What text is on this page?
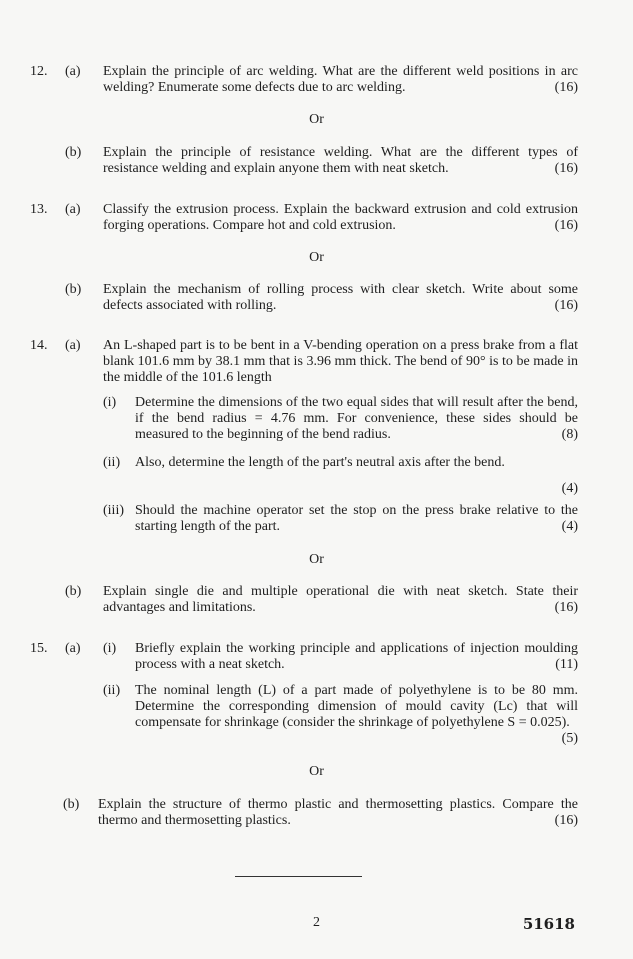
12. (a) Explain the principle of arc welding. What are the different weld positions in arc welding? Enumerate some defects due to arc welding.	(16)
Or
(b) Explain the principle of resistance welding. What are the different types of resistance welding and explain anyone them with neat sketch.	(16)
13. (a) Classify the extrusion process. Explain the backward extrusion and cold extrusion forging operations. Compare hot and cold extrusion.	(16)
Or
(b) Explain the mechanism of rolling process with clear sketch. Write about some defects associated with rolling.	(16)
14. (a) An L-shaped part is to be bent in a V-bending operation on a press brake from a flat blank 101.6 mm by 38.1 mm that is 3.96 mm thick. The bend of 90° is to be made in the middle of the 101.6 length
(i) Determine the dimensions of the two equal sides that will result after the bend, if the bend radius = 4.76 mm. For convenience, these sides should be measured to the beginning of the bend radius.	(8)
(ii) Also, determine the length of the part's neutral axis after the bend.
(4)
(iii) Should the machine operator set the stop on the press brake relative to the starting length of the part.	(4)
Or
(b) Explain single die and multiple operational die with neat sketch. State their advantages and limitations.	(16)
15. (a) (i) Briefly explain the working principle and applications of injection moulding process with a neat sketch.	(11)
(ii) The nominal length (L) of a part made of polyethylene is to be 80 mm. Determine the corresponding dimension of mould cavity (Lc) that will compensate for shrinkage (consider the shrinkage of polyethylene S = 0.025).
(5)
Or
(b) Explain the structure of thermo plastic and thermosetting plastics. Compare the thermo and thermosetting plastics.	(16)
2	51618
